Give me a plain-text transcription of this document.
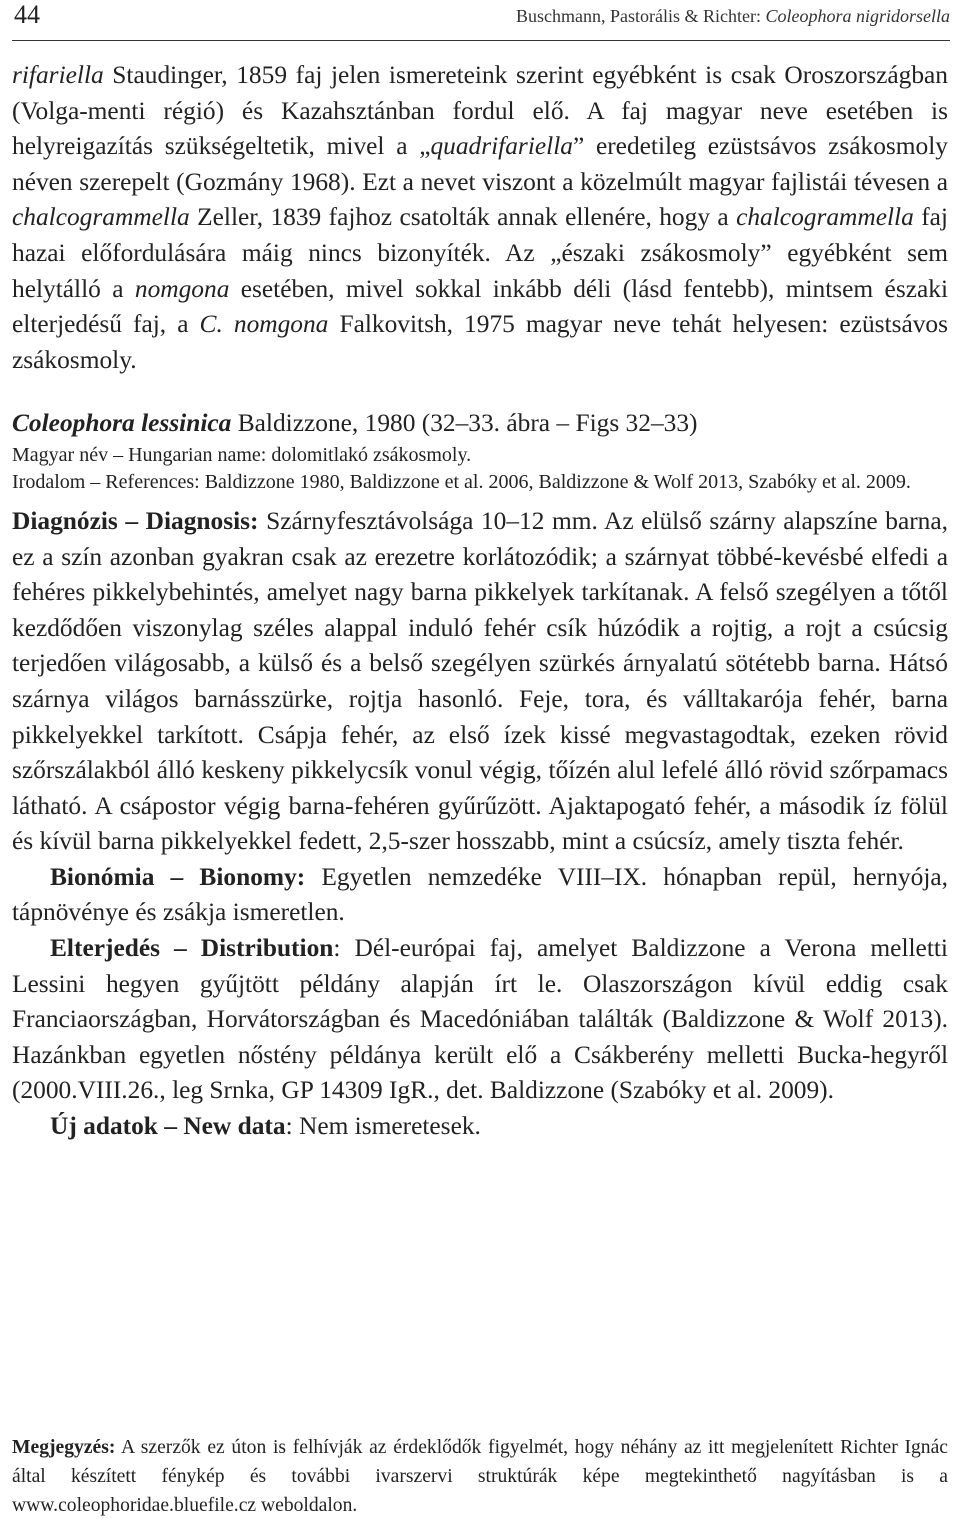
44	Buschmann, Pastorális & Richter: Coleophora nigridorsella

rifariella Staudinger, 1859 faj jelen ismereteink szerint egyébként is csak Oroszországban (Volga-menti régió) és Kazahsztánban fordul elő. A faj magyar neve esetében is helyreigazítás szükségeltetik, mivel a „quadrifariella” eredetileg ezüstsávos zsákosmoly néven szerepelt (Gozmány 1968). Ezt a nevet viszont a közelmúlt magyar fajlistái tévesen a chalcogrammella Zeller, 1839 fajhoz csatolták annak ellenére, hogy a chalcogrammella faj hazai előfordulására máig nincs bizonyíték. Az „északi zsákosmoly” egyébként sem helytálló a nomgona esetében, mivel sokkal inkább déli (lásd fentebb), mintsem északi elterjedésű faj, a C. nomgona Falkovitsh, 1975 magyar neve tehát helyesen: ezüstsávos zsákosmoly.

Coleophora lessinica Baldizzone, 1980 (32–33. ábra – Figs 32–33)

Magyar név – Hungarian name: dolomitlakó zsákosmoly.

Irodalom – References: Baldizzone 1980, Baldizzone et al. 2006, Baldizzone & Wolf 2013, Szabóky et al. 2009.

Diagnózis – Diagnosis: Szárnyfesztávolsága 10–12 mm. Az elülső szárny alapszíne barna, ez a szín azonban gyakran csak az erezetre korlátozódik; a szárnyat többé-kevésbé elfedi a fehéres pikkelybehintés, amelyet nagy barna pikkelyek tarkítanak. A felső szegélyen a tőtől kezdődően viszonylag széles alappal induló fehér csík húzódik a rojtig, a rojt a csúcsig terjedően világosabb, a külső és a belső szegélyen szürkés árnyalatú sötétebb barna. Hátsó szárnya világos barnásszürke, rojtja hasonló. Feje, tora, és válltakarója fehér, barna pikkelyekkel tarkított. Csápja fehér, az első ízek kissé megvastagodtak, ezeken rövid szőrszálakból álló keskeny pikkelycsík vonul végig, tőízén alul lefelé álló rövid szőrpamacs látható. A csápostor végig barna-fehéren gyűrűzött. Ajaktapogató fehér, a második íz fölül és kívül barna pikkelyekkel fedett, 2,5-szer hosszabb, mint a csúcsíz, amely tiszta fehér.

Bionómia – Bionomy: Egyetlen nemzedéke VIII–IX. hónapban repül, hernyója, tápnövénye és zsákja ismeretlen.

Elterjedés – Distribution: Dél-európai faj, amelyet Baldizzone a Verona melletti Lessini hegyen gyűjtött példány alapján írt le. Olaszországon kívül eddig csak Franciaországban, Horvátországban és Macedóniában találták (Baldizzone & Wolf 2013). Hazánkban egyetlen nőstény példánya került elő a Csákberény melletti Bucka-hegyről (2000.VIII.26., leg Srnka, GP 14309 IgR., det. Baldizzone (Szabóky et al. 2009).

Új adatok – New data: Nem ismeretesek.

Megjegyzés: A szerzők ez úton is felhívják az érdeklődők figyelmét, hogy néhány az itt megjelenített Richter Ignác által készített fénykép és további ivarszervi struktúrák képe megtekinthető nagyításban is a www.coleophoridae.bluefile.cz weboldalon.
